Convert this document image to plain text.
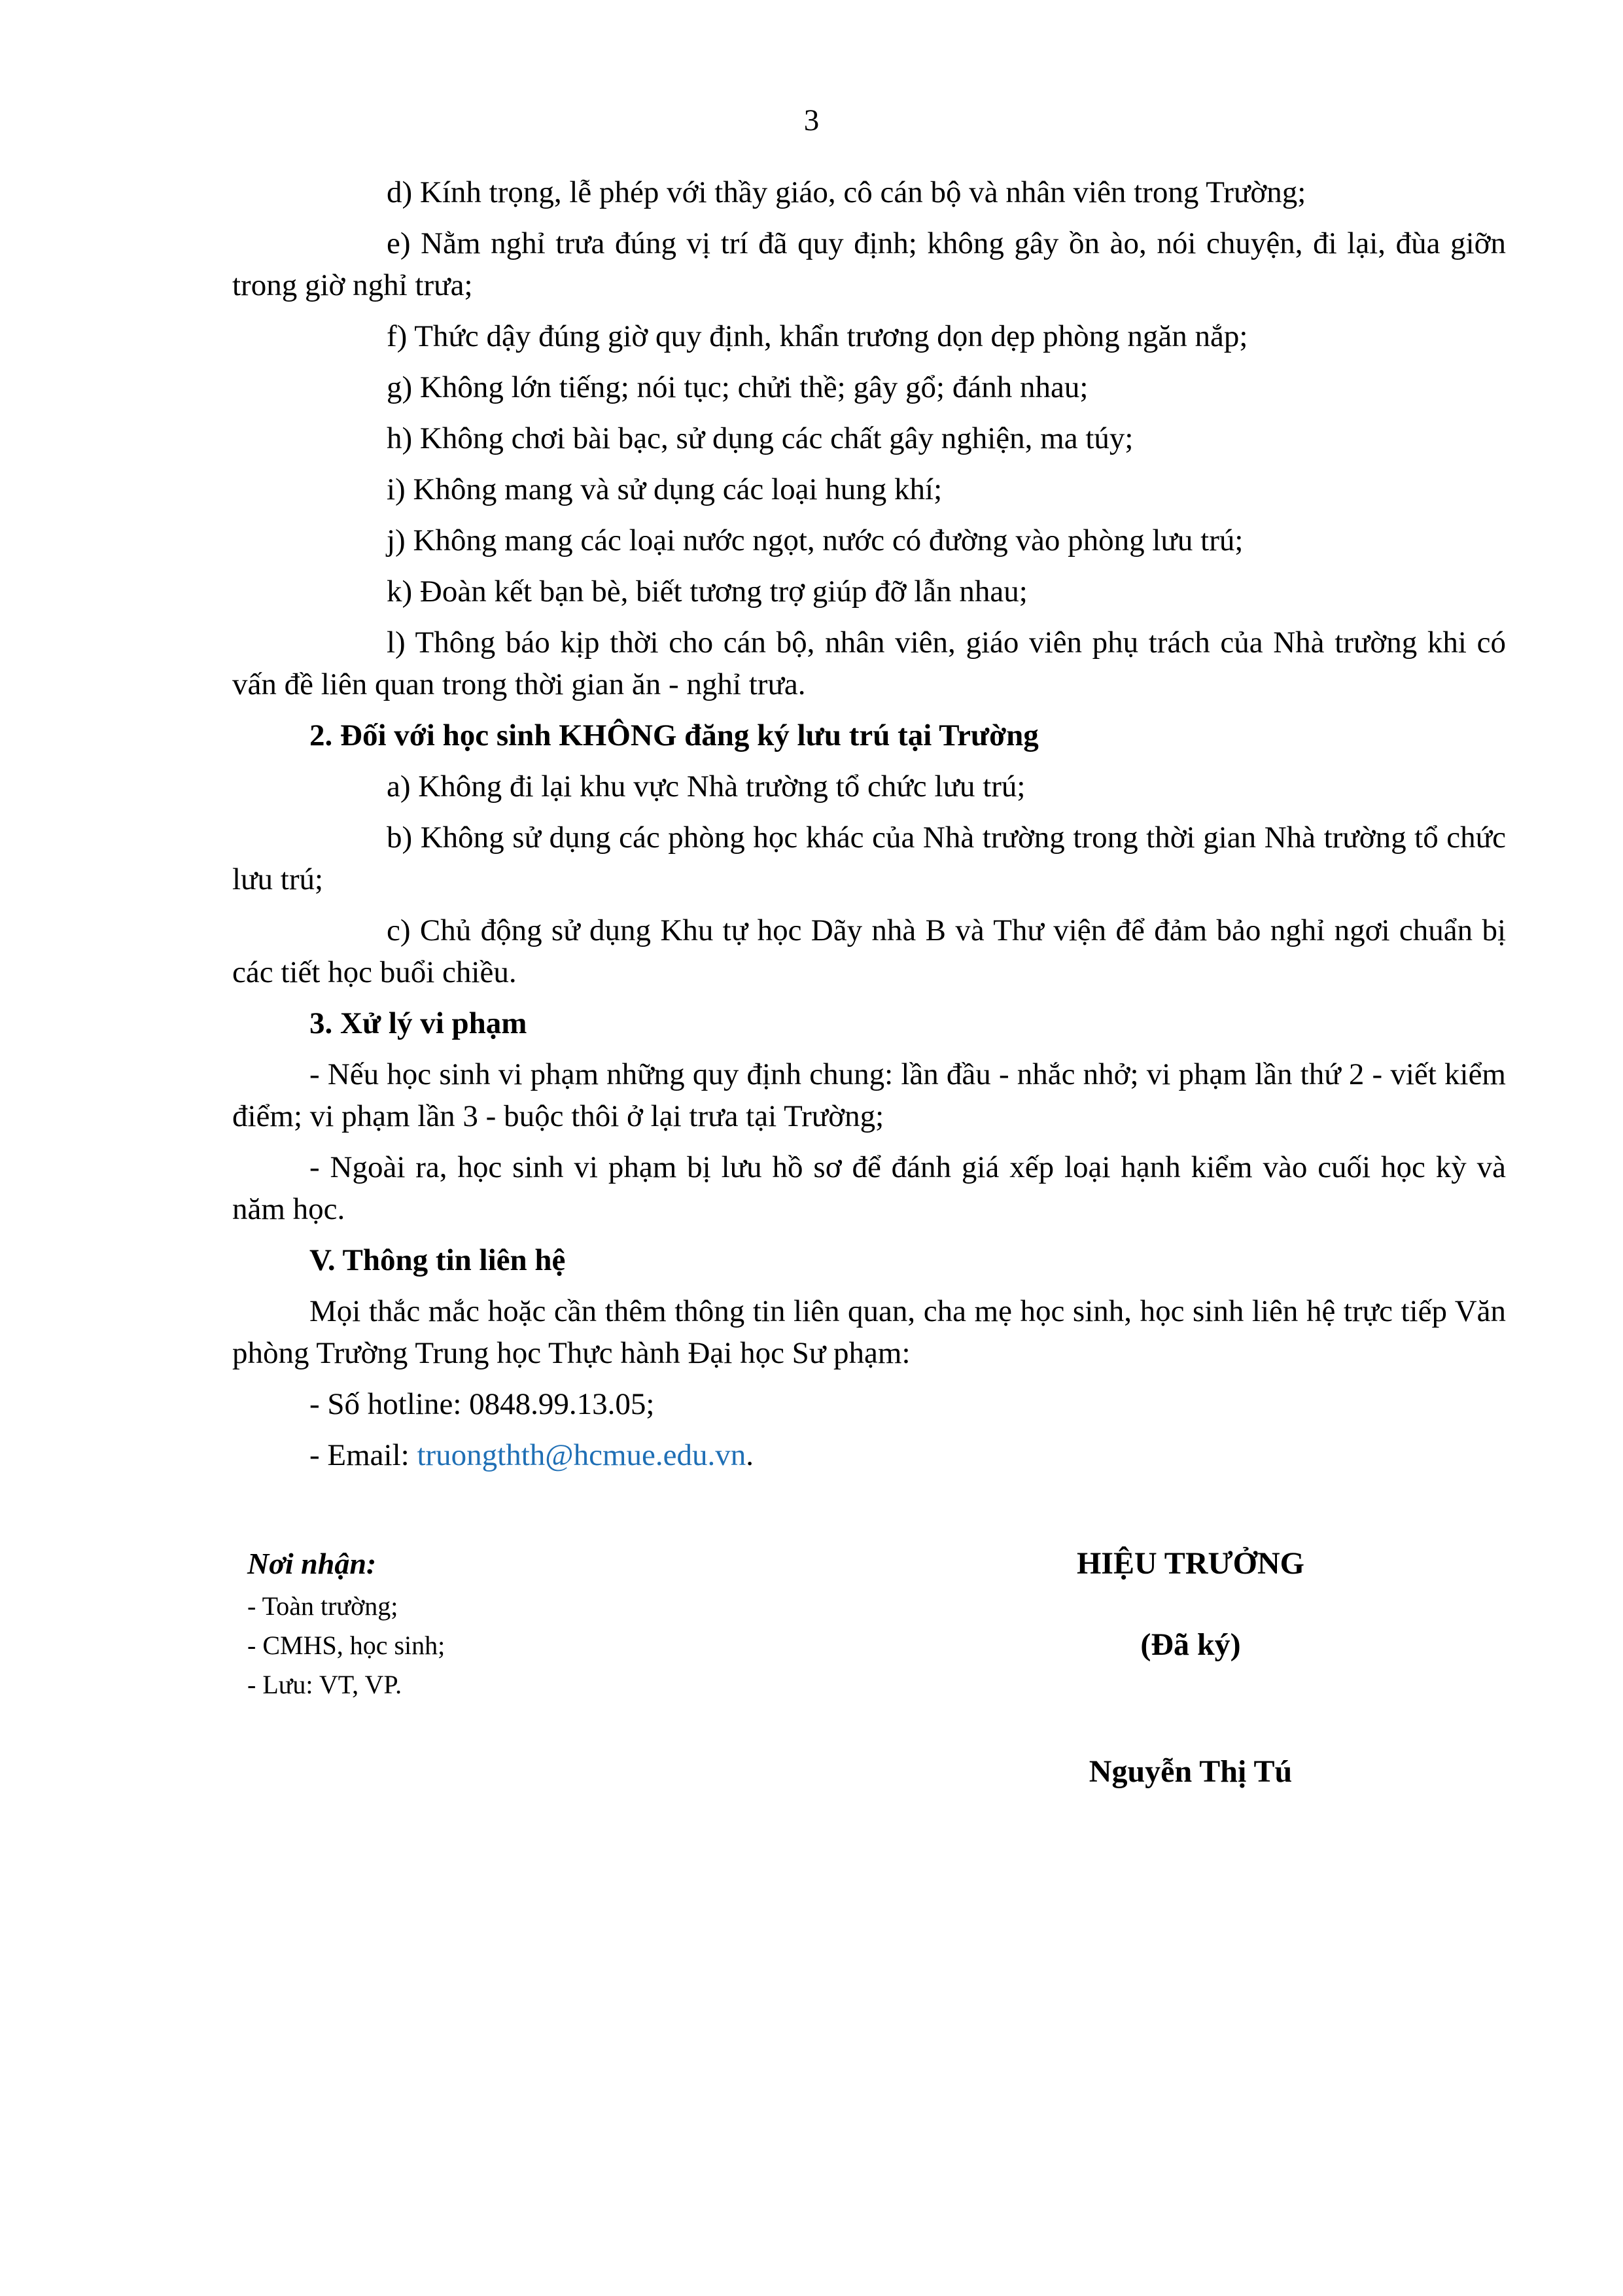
3

d) Kính trọng, lễ phép với thầy giáo, cô cán bộ và nhân viên trong Trường;

e) Nằm nghỉ trưa đúng vị trí đã quy định; không gây ồn ào, nói chuyện, đi lại, đùa giỡn trong giờ nghỉ trưa;

f) Thức dậy đúng giờ quy định, khẩn trương dọn dẹp phòng ngăn nắp;

g) Không lớn tiếng; nói tục; chửi thề; gây gổ; đánh nhau;

h) Không chơi bài bạc, sử dụng các chất gây nghiện, ma túy;

i) Không mang và sử dụng các loại hung khí;

j) Không mang các loại nước ngọt, nước có đường vào phòng lưu trú;

k) Đoàn kết bạn bè, biết tương trợ giúp đỡ lẫn nhau;

l) Thông báo kịp thời cho cán bộ, nhân viên, giáo viên phụ trách của Nhà trường khi có vấn đề liên quan trong thời gian ăn - nghỉ trưa.

2. Đối với học sinh KHÔNG đăng ký lưu trú tại Trường

a) Không đi lại khu vực Nhà trường tổ chức lưu trú;

b) Không sử dụng các phòng học khác của Nhà trường trong thời gian Nhà trường tổ chức lưu trú;

c) Chủ động sử dụng Khu tự học Dãy nhà B và Thư viện để đảm bảo nghỉ ngơi chuẩn bị các tiết học buổi chiều.

3. Xử lý vi phạm

- Nếu học sinh vi phạm những quy định chung: lần đầu - nhắc nhở; vi phạm lần thứ 2 - viết kiểm điểm; vi phạm lần 3 - buộc thôi ở lại trưa tại Trường;

- Ngoài ra, học sinh vi phạm bị lưu hồ sơ để đánh giá xếp loại hạnh kiểm vào cuối học kỳ và năm học.

V. Thông tin liên hệ

Mọi thắc mắc hoặc cần thêm thông tin liên quan, cha mẹ học sinh, học sinh liên hệ trực tiếp Văn phòng Trường Trung học Thực hành Đại học Sư phạm:

- Số hotline: 0848.99.13.05;

- Email: truongthth@hcmue.edu.vn.

Nơi nhận:
- Toàn trường;
- CMHS, học sinh;
- Lưu: VT, VP.
HIỆU TRƯỞNG
(Đã ký)
Nguyễn Thị Tú
